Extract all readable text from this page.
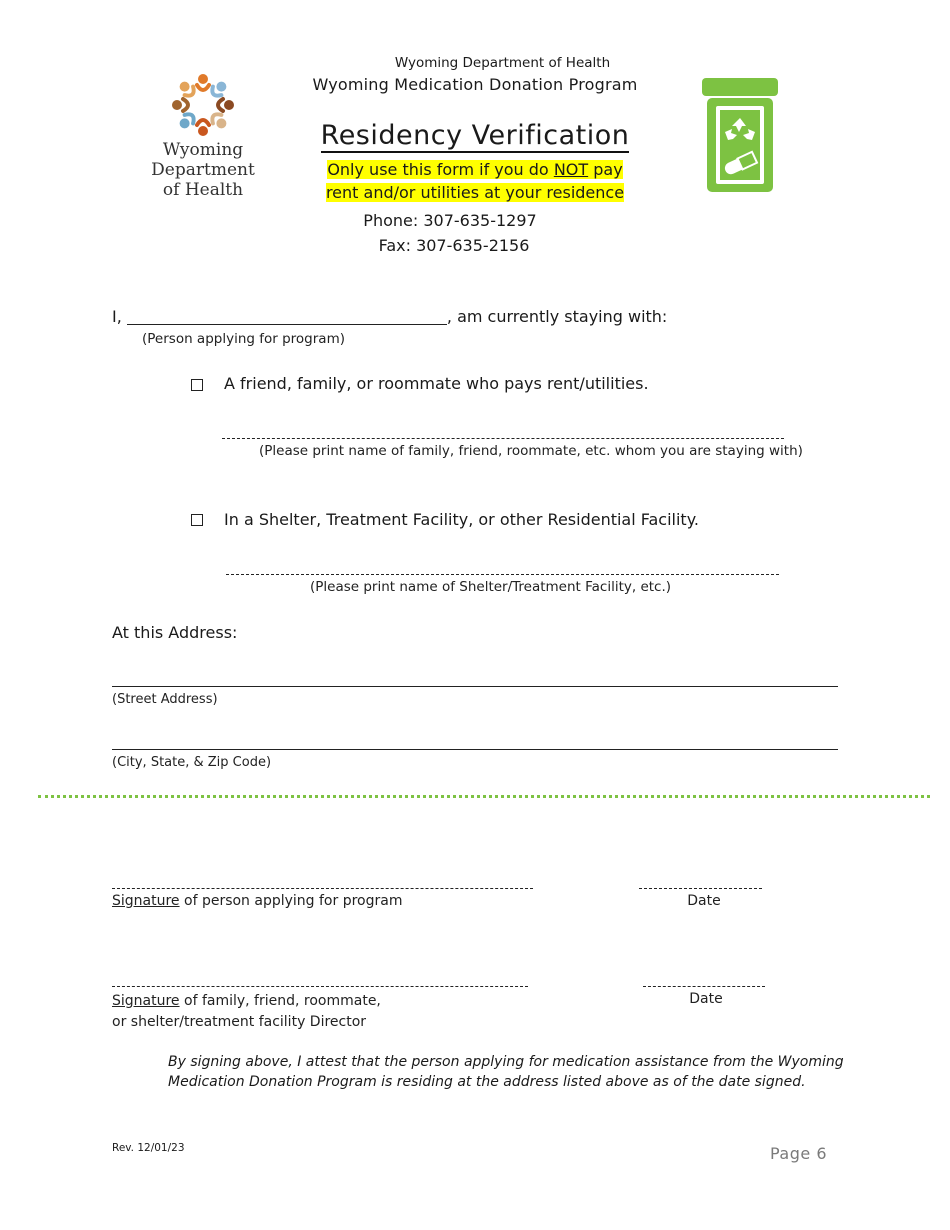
Wyoming
Department
of Health
Wyoming Department of Health
Wyoming Medication Donation Program
Residency Verification
Only use this form if you do NOT pay
rent and/or utilities at your residence
Phone: 307-635-1297
Fax: 307-635-2156
I,	, am currently staying with:
(Person applying for program)
A friend, family, or roommate who pays rent/utilities.
(Please print name of family, friend, roommate, etc. whom you are staying with)
In a Shelter, Treatment Facility, or other Residential Facility.
(Please print name of Shelter/Treatment Facility, etc.)
At this Address:
(Street Address)
(City, State, & Zip Code)
Signature of person applying for program	Date
Signature of family, friend, roommate,
or shelter/treatment facility Director
Date
By signing above, I attest that the person applying for medication assistance from the Wyoming
Medication Donation Program is residing at the address listed above as of the date signed.
Rev. 12/01/23	Page 6
